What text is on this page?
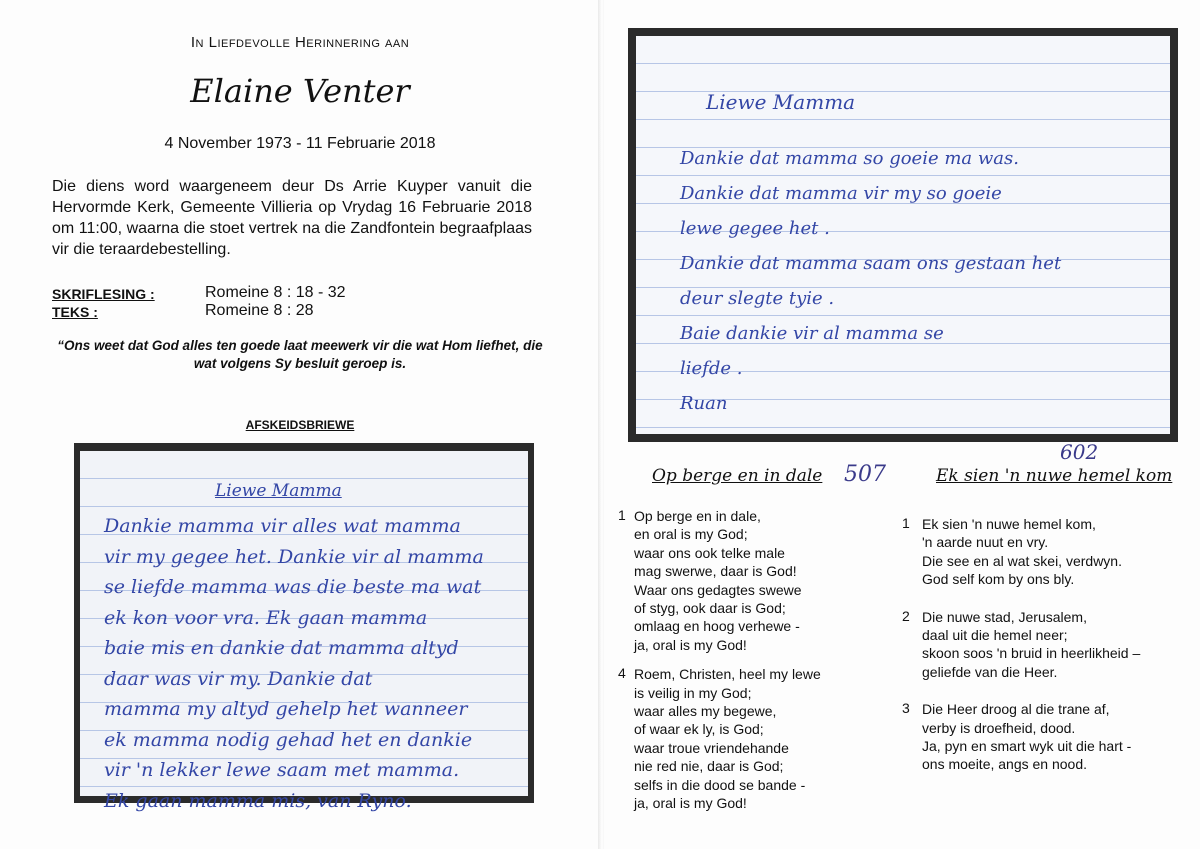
In Liefdevolle Herinnering aan
Elaine Venter
4 November 1973 - 11 Februarie 2018
Die diens word waargeneem deur Ds Arrie Kuyper vanuit die Hervormde Kerk, Gemeente Villieria op Vrydag 16 Februarie 2018 om 11:00, waarna die stoet vertrek na die Zandfontein begraafplaas vir die teraardebestelling.
SKRIFLESING :	Romeine 8 : 18 - 32
TEKS :	Romeine 8 : 28
“Ons weet dat God alles ten goede laat meewerk vir die wat Hom liefhet, die wat volgens Sy besluit geroep is.
AFSKEIDSBRIEWE
Liewe Mamma
Dankie mamma vir alles wat mamma
vir my gegee het. Dankie vir al mamma
se liefde mamma was die beste ma wat
ek kon voor vra. Ek gaan mamma
baie mis en dankie dat mamma altyd
daar was vir my. Dankie dat
mamma my altyd gehelp het wanneer
ek mamma nodig gehad het en dankie
vir 'n lekker lewe saam met mamma.
Ek gaan mamma mis, van Ryno.
Liewe Mamma
Dankie dat mamma so goeie ma was.
Dankie dat mamma vir my so goeie
lewe gegee het .
Dankie dat mamma saam ons gestaan het
deur slegte tyie .
Baie dankie vir al mamma se
liefde .
Ruan
Op berge en in dale 507
602
Ek sien 'n nuwe hemel kom
1 Op berge en in dale,
en oral is my God;
waar ons ook telke male
mag swerwe, daar is God!
Waar ons gedagtes swewe
of styg, ook daar is God;
omlaag en hoog verhewe -
ja, oral is my God!
4 Roem, Christen, heel my lewe
is veilig in my God;
waar alles my begewe,
of waar ek ly, is God;
waar troue vriendehande
nie red nie, daar is God;
selfs in die dood se bande -
ja, oral is my God!
1 Ek sien 'n nuwe hemel kom,
'n aarde nuut en vry.
Die see en al wat skei, verdwyn.
God self kom by ons bly.
2 Die nuwe stad, Jerusalem,
daal uit die hemel neer;
skoon soos 'n bruid in heerlikheid –
geliefde van die Heer.
3 Die Heer droog al die trane af,
verby is droefheid, dood.
Ja, pyn en smart wyk uit die hart -
ons moeite, angs en nood.
